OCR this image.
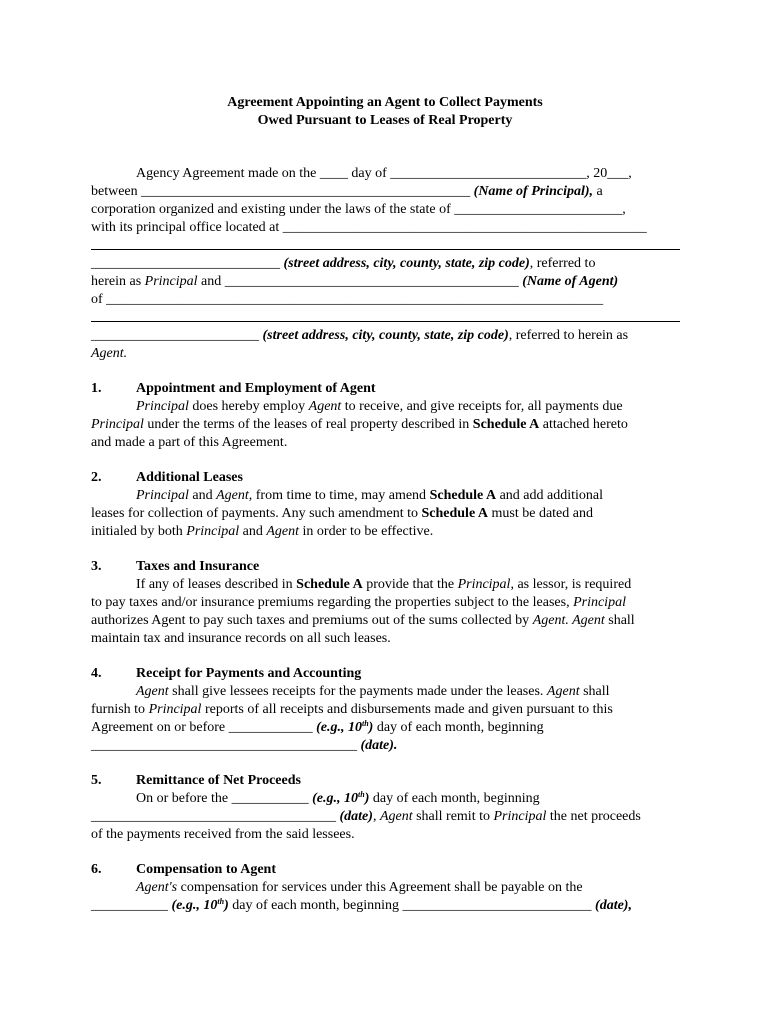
Agreement Appointing an Agent to Collect Payments
Owed Pursuant to Leases of Real Property
Agency Agreement made on the ____ day of ____________________________, 20___,
between _______________________________________________ (Name of Principal), a
corporation organized and existing under the laws of the state of ________________________,
with its principal office located at ____________________________________________________
___________________________ (street address, city, county, state, zip code), referred to
herein as Principal and __________________________________________ (Name of Agent)
of _______________________________________________________________________
________________________ (street address, city, county, state, zip code), referred to herein as
Agent.
1. Appointment and Employment of Agent
Principal does hereby employ Agent to receive, and give receipts for, all payments due
Principal under the terms of the leases of real property described in Schedule A attached hereto
and made a part of this Agreement.
2. Additional Leases
Principal and Agent, from time to time, may amend Schedule A and add additional
leases for collection of payments. Any such amendment to Schedule A must be dated and
initialed by both Principal and Agent in order to be effective.
3. Taxes and Insurance
If any of leases described in Schedule A provide that the Principal, as lessor, is required
to pay taxes and/or insurance premiums regarding the properties subject to the leases, Principal
authorizes Agent to pay such taxes and premiums out of the sums collected by Agent. Agent shall
maintain tax and insurance records on all such leases.
4. Receipt for Payments and Accounting
Agent shall give lessees receipts for the payments made under the leases. Agent shall
furnish to Principal reports of all receipts and disbursements made and given pursuant to this
Agreement on or before ____________ (e.g., 10th) day of each month, beginning
______________________________________ (date).
5. Remittance of Net Proceeds
On or before the ___________ (e.g., 10th) day of each month, beginning
___________________________________ (date), Agent shall remit to Principal the net proceeds
of the payments received from the said lessees.
6. Compensation to Agent
Agent's compensation for services under this Agreement shall be payable on the
___________ (e.g., 10th) day of each month, beginning ___________________________ (date),
